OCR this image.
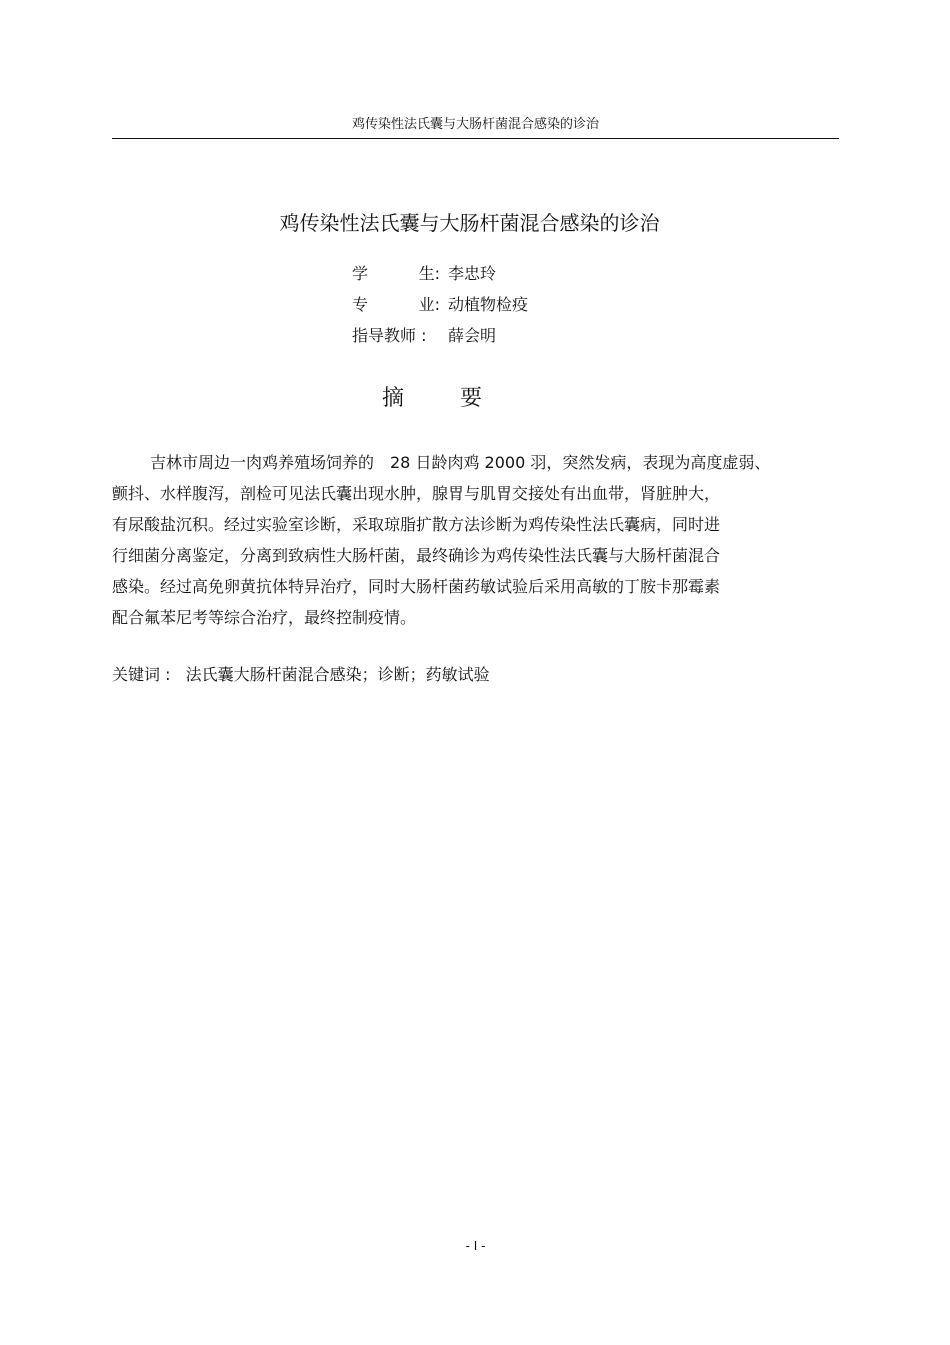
鸡传染性法氏囊与大肠杆菌混合感染的诊治
鸡传染性法氏囊与大肠杆菌混合感染的诊治
学	生: 李忠玲
专	业: 动植物检疫
指导教师 :	薛会明
摘	要
吉林市周边一肉鸡养殖场饲养的　28 日龄肉鸡 2000 羽，突然发病，表现为高度虚弱、
颤抖、水样腹泻，剖检可见法氏囊出现水肿，腺胃与肌胃交接处有出血带，肾脏肿大，
有尿酸盐沉积。经过实验室诊断，采取琼脂扩散方法诊断为鸡传染性法氏囊病，同时进
行细菌分离鉴定，分离到致病性大肠杆菌，最终确诊为鸡传染性法氏囊与大肠杆菌混合
感染。经过高免卵黄抗体特异治疗，同时大肠杆菌药敏试验后采用高敏的丁胺卡那霉素
配合氟苯尼考等综合治疗，最终控制疫情。
关键词 : 法氏囊大肠杆菌混合感染；诊断；药敏试验
- I -
